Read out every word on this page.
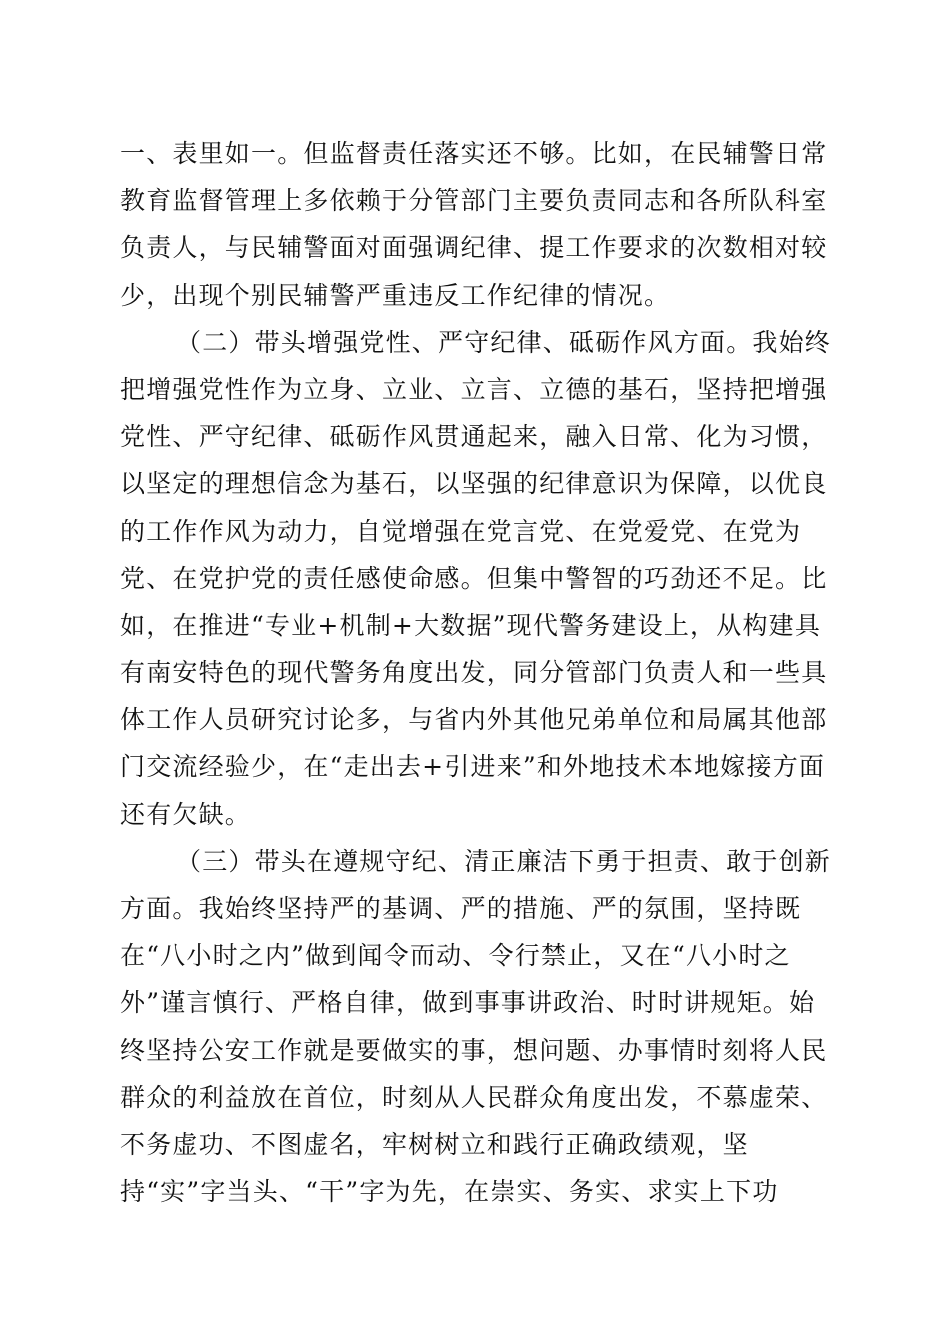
一、表里如一。但监督责任落实还不够。比如，在民辅警日常
教育监督管理上多依赖于分管部门主要负责同志和各所队科室
负责人，与民辅警面对面强调纪律、提工作要求的次数相对较
少，出现个别民辅警严重违反工作纪律的情况。
（二）带头增强党性、严守纪律、砥砺作风方面。我始终
把增强党性作为立身、立业、立言、立德的基石，坚持把增强
党性、严守纪律、砥砺作风贯通起来，融入日常、化为习惯，
以坚定的理想信念为基石，以坚强的纪律意识为保障，以优良
的工作作风为动力，自觉增强在党言党、在党爱党、在党为
党、在党护党的责任感使命感。但集中警智的巧劲还不足。比
如，在推进“专业+机制+大数据”现代警务建设上，从构建具
有南安特色的现代警务角度出发，同分管部门负责人和一些具
体工作人员研究讨论多，与省内外其他兄弟单位和局属其他部
门交流经验少，在“走出去+引进来”和外地技术本地嫁接方面
还有欠缺。
（三）带头在遵规守纪、清正廉洁下勇于担责、敢于创新
方面。我始终坚持严的基调、严的措施、严的氛围，坚持既
在“八小时之内”做到闻令而动、令行禁止，又在“八小时之
外”谨言慎行、严格自律，做到事事讲政治、时时讲规矩。始
终坚持公安工作就是要做实的事，想问题、办事情时刻将人民
群众的利益放在首位，时刻从人民群众角度出发，不慕虚荣、
不务虚功、不图虚名，牢树树立和践行正确政绩观，坚
持“实”字当头、“干”字为先，在崇实、务实、求实上下功
